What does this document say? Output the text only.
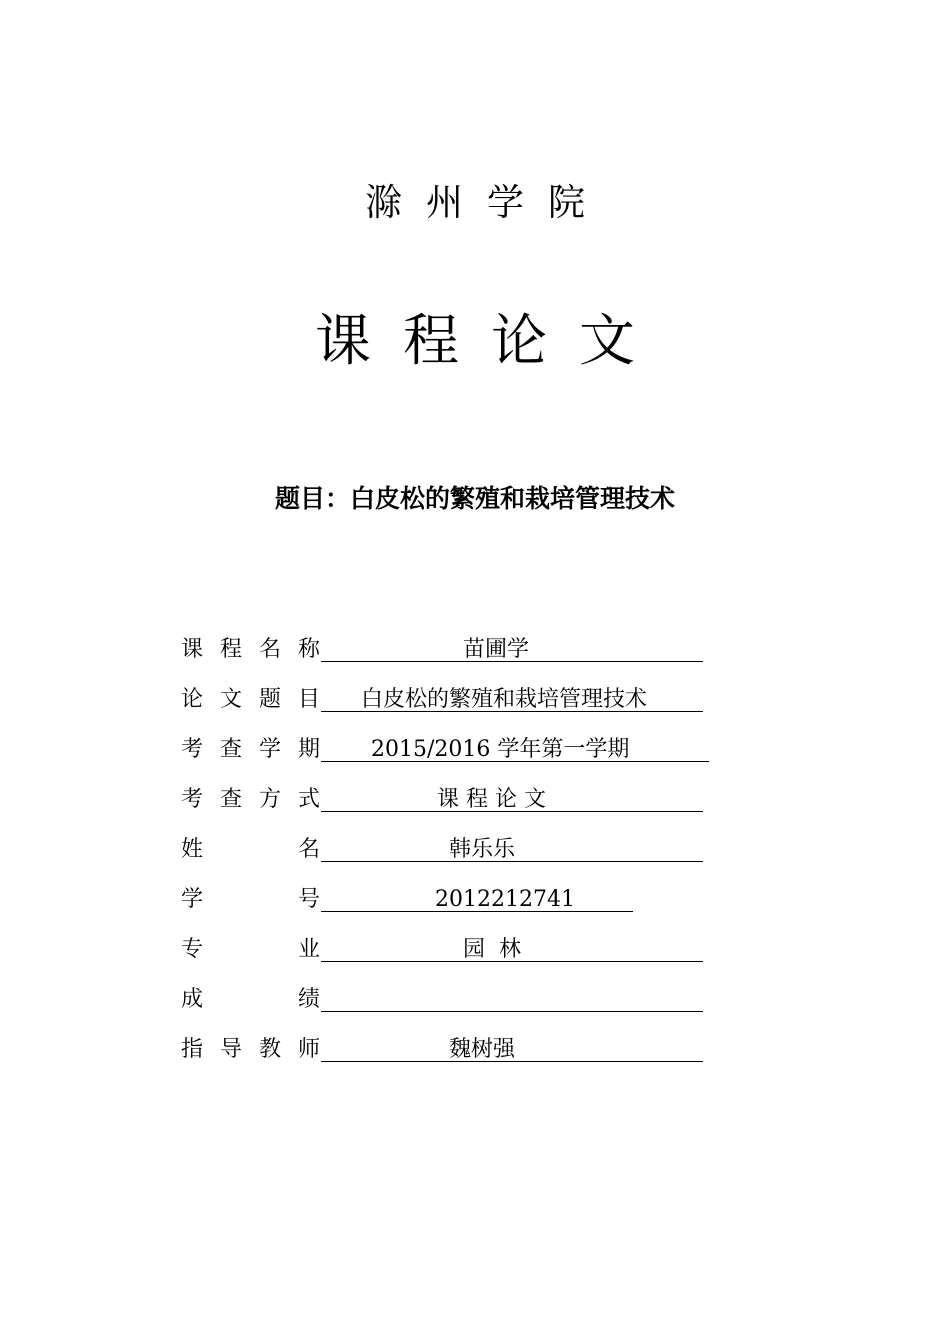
滁州学院
课程论文
题目：白皮松的繁殖和栽培管理技术
课 程 名 称	苗圃学
论 文 题 目 白皮松的繁殖和栽培管理技术
考 查 学 期 2015/2016 学年第一学期
考 查 方 式	课 程 论 文
姓	名	韩乐乐
学	号	2012212741
专	业	园  林
成	绩
指 导 教 师	魏树强
